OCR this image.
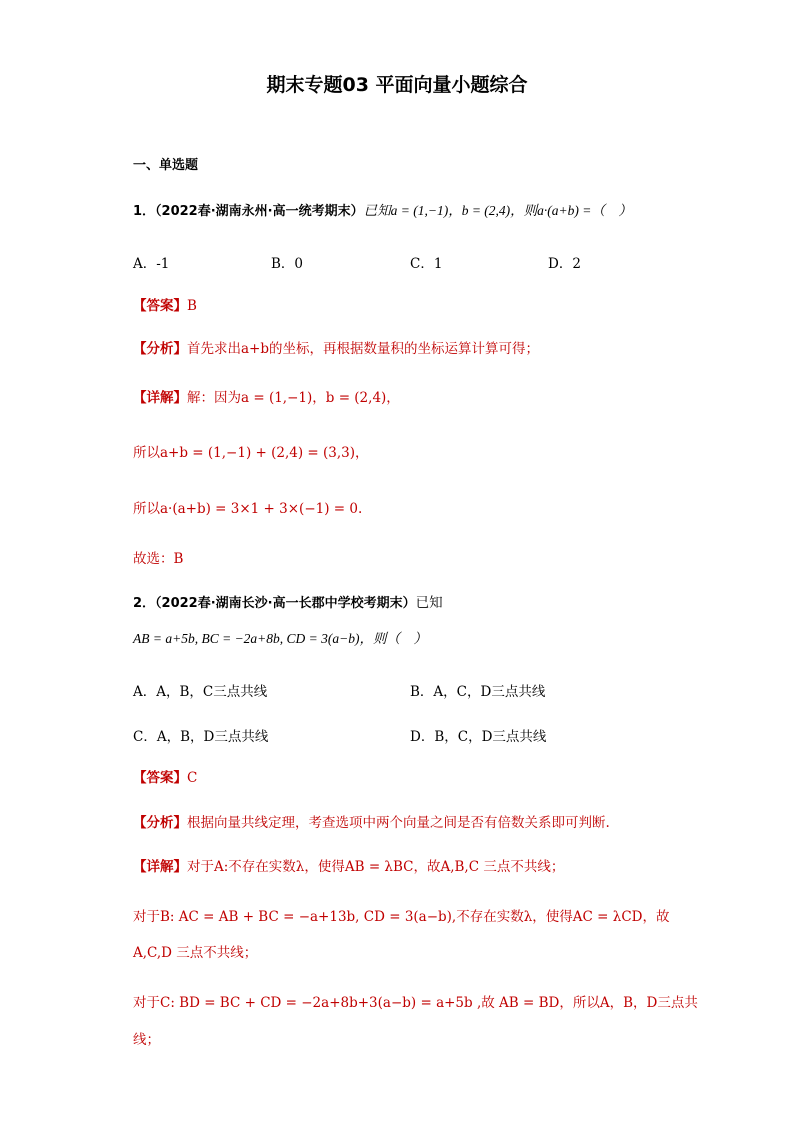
期末专题03 平面向量小题综合
一、单选题
1．（2022春·湖南永州·高一统考期末）已知a = (1,−1)，b = (2,4)，则a·(a+b) =（　）
A．-1	B．0	C．1	D．2
【答案】B
【分析】首先求出a+b的坐标，再根据数量积的坐标运算计算可得；
【详解】解：因为a = (1,−1)，b = (2,4)，
所以a+b = (1,−1) + (2,4) = (3,3)，
所以a·(a+b) = 3×1 + 3×(−1) = 0.
故选：B
2．（2022春·湖南长沙·高一长郡中学校考期末）已知
AB = a+5b, BC = −2a+8b, CD = 3(a−b)，则（　）
A．A，B，C三点共线	B．A，C，D三点共线
C．A，B，D三点共线	D．B，C，D三点共线
【答案】C
【分析】根据向量共线定理，考查选项中两个向量之间是否有倍数关系即可判断.
【详解】对于A:不存在实数λ，使得AB = λBC，故A,B,C 三点不共线；
对于B: AC = AB + BC = −a+13b, CD = 3(a−b),不存在实数λ，使得AC = λCD，故
A,C,D 三点不共线；
对于C: BD = BC + CD = −2a+8b+3(a−b) = a+5b ,故 AB = BD，所以A，B，D三点共
线；
